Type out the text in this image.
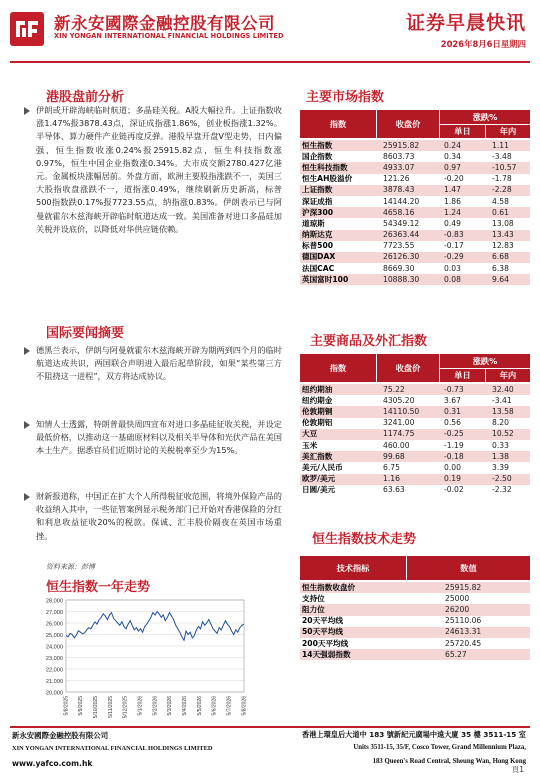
新永安國際金融控股有限公司
XIN YONGAN INTERNATIONAL FINANCIAL HOLDINGS LIMITED
证券早晨快讯
2026年8月6日星期四
港股盘前分析

伊朗或开辟海峡临时航道；多晶硅关税。A股大幅拉升。上证指数收涨1.47%报3878.43点，深证成指涨1.86%，创业板指涨1.32%。半导体、算力硬件产业链再度反弹。港股早盘开盘V型走势，日内偏强，恒生指数收涨0.24%报25915.82点，恒生科技指数涨0.97%，恒生中国企业指数涨0.34%。大市成交额2780.427亿港元。金属板块涨幅居前。外盘方面，欧洲主要股指涨跌不一，美国三大股指收盘涨跌不一，道指涨0.49%，继续刷新历史新高，标普500指数跌0.17%报7723.55点，纳指涨0.83%。伊朗表示已与阿曼就霍尔木兹海峡开辟临时航道达成一致。美国准备对进口多晶硅加关税并设底价，以降低对华供应链依赖。

国际要闻摘要

德黑兰表示，伊朗与阿曼就霍尔木兹海峡开辟为期两到四个月的临时航道达成共识，两国联合声明进入最后起草阶段，如果“某些第三方不阻挠这一进程”，双方将达成协议。

知情人士透露，特朗普最快周四宣布对进口多晶硅征收关税，并设定最低价格，以推动这一基础原材料以及相关半导体和光伏产品在美国本土生产。据悉官员们近期讨论的关税税率至少为15%。

财新报道称，中国正在扩大个人所得税征收范围，将境外保险产品的收益纳入其中，一些征管案例显示税务部门已开始对香港保险的分红和利息收益征收20%的税款。保诚、汇丰股价隔夜在英国市场重挫。

资料来源：彭博
恒生指数一年走势
28,000
27,000
26,000
25,000
24,000
23,000
22,000
21,000
20,000
5/8/2025 5/9/2025 5/10/2025 5/11/2025 5/12/2025 5/1/2026 5/2/2026 5/3/2026 5/4/2026 5/5/2026 5/6/2026 5/7/2026 5/8/2026
主要市场指数
指数	收盘价
涨跌%
单日	年内
恒生指数	25915.82	0.24	1.11
国企指数	8603.73	0.34	-3.48
恒生科技指数	4933.07	0.97	-10.57
恒生AH股溢价	121.26	-0.20	-1.78
上证指数	3878.43	1.47	-2.28
深证成指	14144.20	1.86	4.58
沪深300	4658.16	1.24	0.61
道琼斯	54349.12	0.49	13.08
纳斯达克	26363.44	-0.83	13.43
标普500	7723.55	-0.17	12.83
德国DAX	26126.30	-0.29	6.68
法国CAC	8669.30	0.03	6.38
英国富时100	10888.30	0.08	9.64
主要商品及外汇指数
指数	收盘价
涨跌%
单日	年内
纽约期油	75.22	-0.73	32.40
纽约期金	4305.20	3.67	-3.41
伦敦期铜	14110.50	0.31	13.58
伦敦期铝	3241.00	0.56	8.20
大豆	1174.75	-0.25	10.52
玉米	460.00	-1.19	0.33
美汇指数	99.68	-0.18	1.38
美元/人民币	6.75	0.00	3.39
欧罗/美元	1.16	0.19	-2.50
日圆/美元	63.63	-0.02	-2.32
恒生指数技术走势
技术指标	数值
恒生指数收盘价	25915.82
支持位	25000
阻力位	26200
20天平均线	25110.06
50天平均线	24613.31
200天平均线	25720.45
14天强弱指数	65.27
新永安國際金融控股有限公司
XIN YONGAN INTERNATIONAL FINANCIAL HOLDINGS LIMITED
www.yafco.com.hk
香港上環皇后大道中 183 號新紀元廣場中遠大廈 35 樓 3511-15 室
Units 3511-15, 35/F, Cosco Tower, Grand Millennium Plaza,
183 Queen's Road Central, Sheung Wan, Hong Kong
頁1
